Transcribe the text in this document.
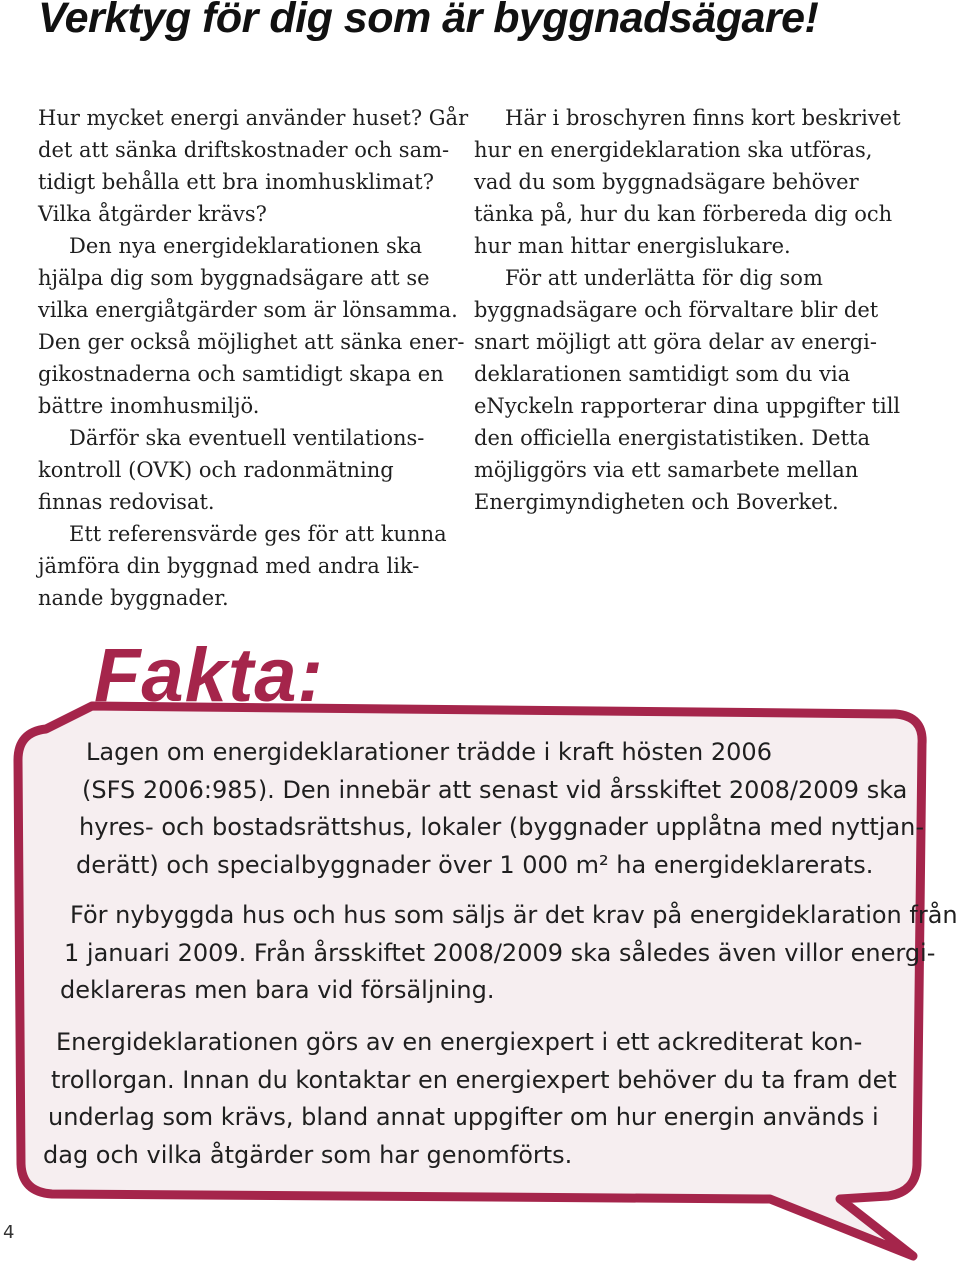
Verktyg för dig som är byggnadsägare!

Hur mycket energi använder huset? Går
det att sänka driftskostnader och sam-
tidigt behålla ett bra inomhusklimat?
Vilka åtgärder krävs?

Den nya energideklarationen ska
hjälpa dig som byggnadsägare att se
vilka energiåtgärder som är lönsamma.
Den ger också möjlighet att sänka ener-
gikostnaderna och samtidigt skapa en
bättre inomhusmiljö.

Därför ska eventuell ventilations-
kontroll (OVK) och radonmätning
finnas redovisat.

Ett referensvärde ges för att kunna
jämföra din byggnad med andra lik-
nande byggnader.

Här i broschyren finns kort beskrivet
hur en energideklaration ska utföras,
vad du som byggnadsägare behöver
tänka på, hur du kan förbereda dig och
hur man hittar energislukare.

För att underlätta för dig som
byggnadsägare och förvaltare blir det
snart möjligt att göra delar av energi-
deklarationen samtidigt som du via
eNyckeln rapporterar dina uppgifter till
den officiella energistatistiken. Detta
möjliggörs via ett samarbete mellan
Energimyndigheten och Boverket.

Fakta:
Lagen om energideklarationer trädde i kraft hösten 2006
(SFS 2006:985). Den innebär att senast vid årsskiftet 2008/2009 ska
hyres- och bostadsrättshus, lokaler (byggnader upplåtna med nyttjan-
derätt) och specialbyggnader över 1 000 m² ha energideklarerats.
För nybyggda hus och hus som säljs är det krav på energideklaration från
1 januari 2009. Från årsskiftet 2008/2009 ska således även villor energi-
deklareras men bara vid försäljning.
Energideklarationen görs av en energiexpert i ett ackrediterat kon-
trollorgan. Innan du kontaktar en energiexpert behöver du ta fram det
underlag som krävs, bland annat uppgifter om hur energin används i
dag och vilka åtgärder som har genomförts.
4
